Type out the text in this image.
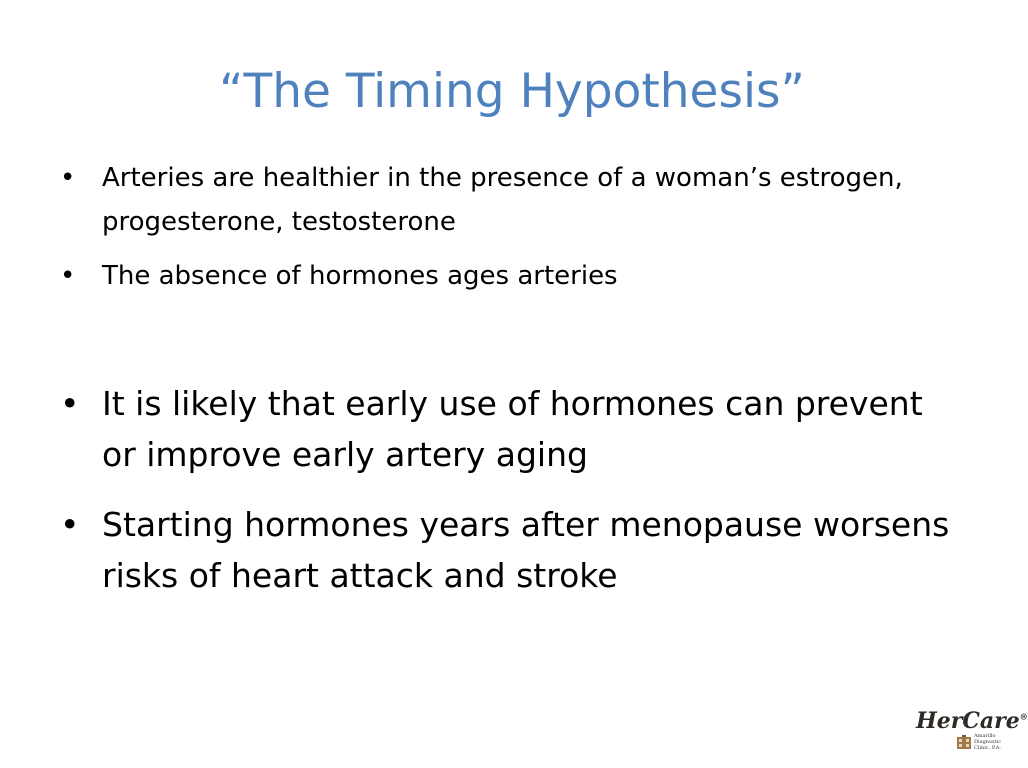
“The Timing Hypothesis”
• Arteries are healthier in the presence of a woman’s estrogen, progesterone, testosterone
• The absence of hormones ages arteries
• It is likely that early use of hormones can prevent or improve early artery aging
• Starting hormones years after menopause worsens risks of heart attack and stroke
HerCare®
Amarillo Diagnostic Clinic, P.A.
